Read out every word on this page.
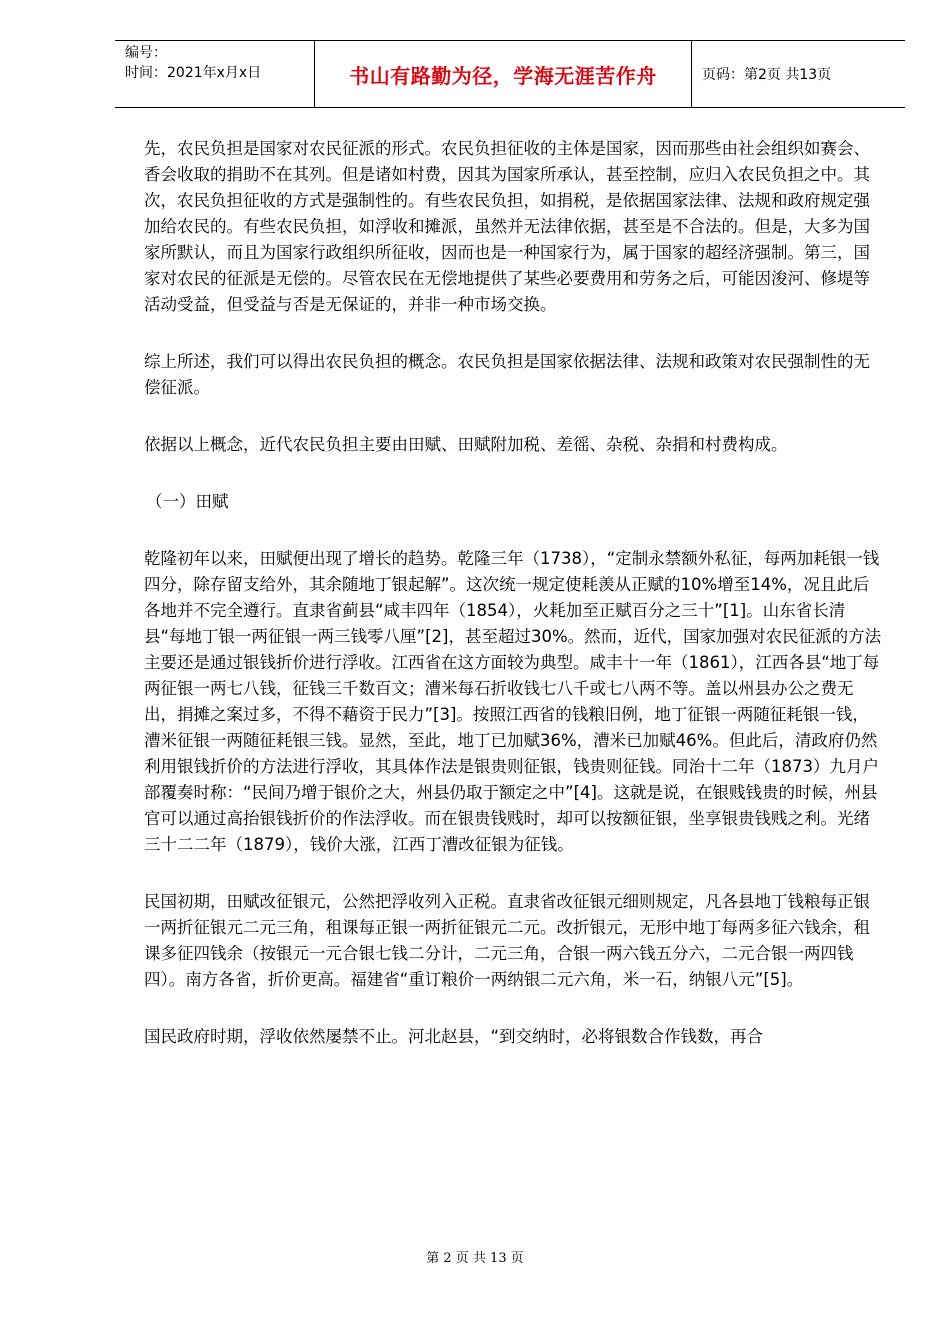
编号：
时间：2021年x月x日	书山有路勤为径，学海无涯苦作舟	页码：第2页 共13页

先，农民负担是国家对农民征派的形式。农民负担征收的主体是国家，因而那些由社会组织如赛会、香会收取的捐助不在其列。但是诸如村费，因其为国家所承认，甚至控制，应归入农民负担之中。其次，农民负担征收的方式是强制性的。有些农民负担，如捐税，是依据国家法律、法规和政府规定强加给农民的。有些农民负担，如浮收和摊派，虽然并无法律依据，甚至是不合法的。但是，大多为国家所默认，而且为国家行政组织所征收，因而也是一种国家行为，属于国家的超经济强制。第三，国家对农民的征派是无偿的。尽管农民在无偿地提供了某些必要费用和劳务之后，可能因浚河、修堤等活动受益，但受益与否是无保证的，并非一种市场交换。

综上所述，我们可以得出农民负担的概念。农民负担是国家依据法律、法规和政策对农民强制性的无偿征派。

依据以上概念，近代农民负担主要由田赋、田赋附加税、差徭、杂税、杂捐和村费构成。

（一）田赋

乾隆初年以来，田赋便出现了增长的趋势。乾隆三年（1738），“定制永禁额外私征，每两加耗银一钱四分，除存留支给外，其余随地丁银起解”。这次统一规定使耗羡从正赋的10%增至14%，况且此后各地并不完全遵行。直隶省蓟县“咸丰四年（1854），火耗加至正赋百分之三十”[1]。山东省长清县“每地丁银一两征银一两三钱零八厘”[2]，甚至超过30%。然而，近代，国家加强对农民征派的方法主要还是通过银钱折价进行浮收。江西省在这方面较为典型。咸丰十一年（1861），江西各县“地丁每两征银一两七八钱，征钱三千数百文；漕米每石折收钱七八千或七八两不等。盖以州县办公之费无出，捐摊之案过多，不得不藉资于民力”[3]。按照江西省的钱粮旧例，地丁征银一两随征耗银一钱，漕米征银一两随征耗银三钱。显然，至此，地丁已加赋36%，漕米已加赋46%。但此后，清政府仍然利用银钱折价的方法进行浮收，其具体作法是银贵则征银，钱贵则征钱。同治十二年（1873）九月户部覆奏时称：“民间乃增于银价之大，州县仍取于额定之中”[4]。这就是说，在银贱钱贵的时候，州县官可以通过高抬银钱折价的作法浮收。而在银贵钱贱时，却可以按额征银，坐享银贵钱贱之利。光绪三十二二年（1879），钱价大涨，江西丁漕改征银为征钱。

民国初期，田赋改征银元，公然把浮收列入正税。直隶省改征银元细则规定，凡各县地丁钱粮每正银一两折征银元二元三角，租课每正银一两折征银元二元。改折银元，无形中地丁每两多征六钱余，租课多征四钱余（按银元一元合银七钱二分计，二元三角，合银一两六钱五分六，二元合银一两四钱四）。南方各省，折价更高。福建省“重订粮价一两纳银二元六角，米一石，纳银八元”[5]。

国民政府时期，浮收依然屡禁不止。河北赵县，“到交纳时，必将银数合作钱数，再合

第 2 页 共 13 页
